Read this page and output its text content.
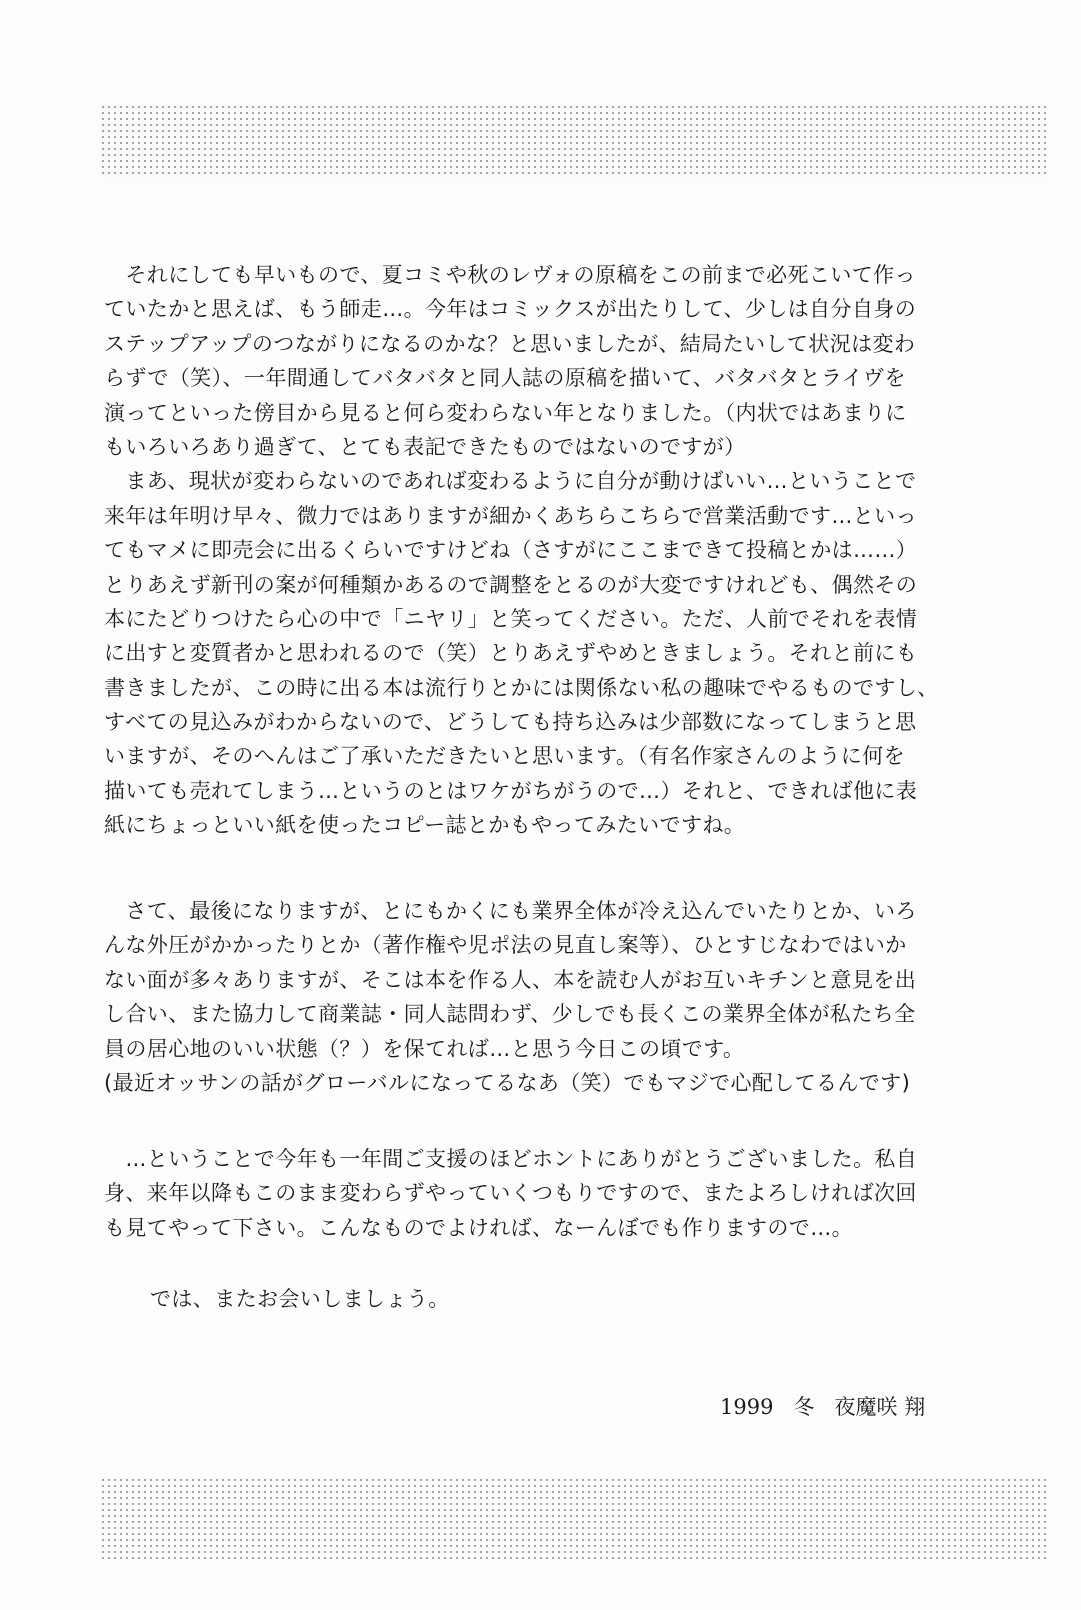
　それにしても早いもので、夏コミや秋のレヴォの原稿をこの前まで必死こいて作っ
ていたかと思えば、もう師走…。今年はコミックスが出たりして、少しは自分自身の
ステップアップのつながりになるのかな？と思いましたが、結局たいして状況は変わ
らずで（笑）、一年間通してバタバタと同人誌の原稿を描いて、バタバタとライヴを
演ってといった傍目から見ると何ら変わらない年となりました。（内状ではあまりに
もいろいろあり過ぎて、とても表記できたものではないのですが）
　まあ、現状が変わらないのであれば変わるように自分が動けばいい…ということで
来年は年明け早々、微力ではありますが細かくあちらこちらで営業活動です…といっ
てもマメに即売会に出るくらいですけどね（さすがにここまできて投稿とかは……）
とりあえず新刊の案が何種類かあるので調整をとるのが大変ですけれども、偶然その
本にたどりつけたら心の中で「ニヤリ」と笑ってください。ただ、人前でそれを表情
に出すと変質者かと思われるので（笑）とりあえずやめときましょう。それと前にも
書きましたが、この時に出る本は流行りとかには関係ない私の趣味でやるものですし、
すべての見込みがわからないので、どうしても持ち込みは少部数になってしまうと思
いますが、そのへんはご了承いただきたいと思います。（有名作家さんのように何を
描いても売れてしまう…というのとはワケがちがうので…）それと、できれば他に表
紙にちょっといい紙を使ったコピー誌とかもやってみたいですね。
　さて、最後になりますが、とにもかくにも業界全体が冷え込んでいたりとか、いろ
んな外圧がかかったりとか（著作権や児ポ法の見直し案等）、ひとすじなわではいか
ない面が多々ありますが、そこは本を作る人、本を読む人がお互いキチンと意見を出
し合い、また協力して商業誌・同人誌問わず、少しでも長くこの業界全体が私たち全
員の居心地のいい状態（？）を保てれば…と思う今日この頃です。
(最近オッサンの話がグローバルになってるなあ（笑）でもマジで心配してるんです)
　…ということで今年も一年間ご支援のほどホントにありがとうございました。私自
身、来年以降もこのまま変わらずやっていくつもりですので、またよろしければ次回
も見てやって下さい。こんなものでよければ、なーんぼでも作りますので…。
では、またお会いしましょう。
1999 冬 夜魔咲 翔
